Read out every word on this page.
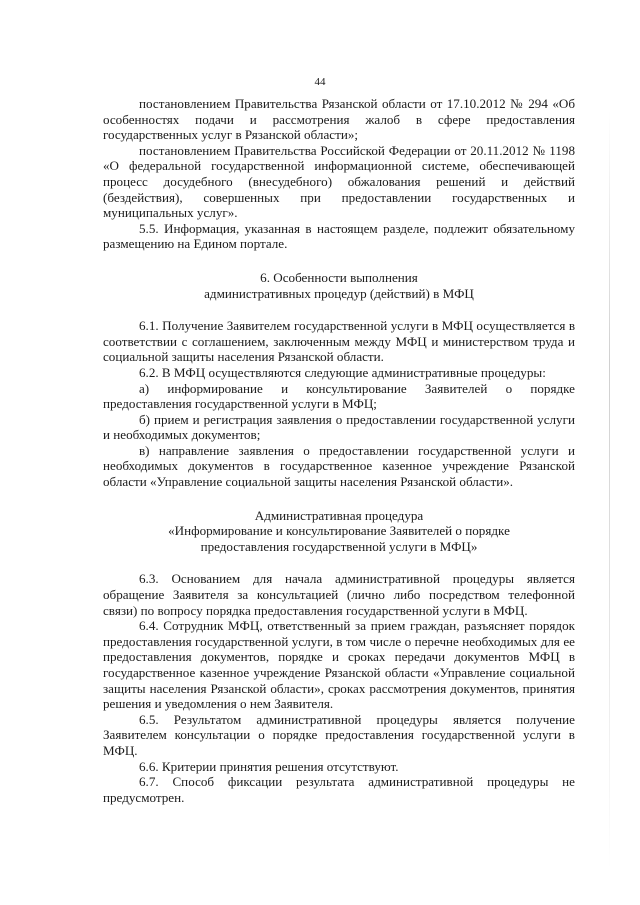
44

постановлением Правительства Рязанской области от 17.10.2012 № 294 «Об особенностях подачи и рассмотрения жалоб в сфере предоставления государственных услуг в Рязанской области»;

постановлением Правительства Российской Федерации от 20.11.2012 № 1198 «О федеральной государственной информационной системе, обеспечивающей процесс досудебного (внесудебного) обжалования решений и действий (бездействия), совершенных при предоставлении государственных и муниципальных услуг».

5.5. Информация, указанная в настоящем разделе, подлежит обязательному размещению на Едином портале.

6. Особенности выполнения

административных процедур (действий) в МФЦ

6.1. Получение Заявителем государственной услуги в МФЦ осуществляется в соответствии с соглашением, заключенным между МФЦ и министерством труда и социальной защиты населения Рязанской области.

6.2. В МФЦ осуществляются следующие административные процедуры:

а) информирование и консультирование Заявителей о порядке предоставления государственной услуги в МФЦ;

б) прием и регистрация заявления о предоставлении государственной услуги и необходимых документов;

в) направление заявления о предоставлении государственной услуги и необходимых документов в государственное казенное учреждение Рязанской области «Управление социальной защиты населения Рязанской области».

Административная процедура

«Информирование и консультирование Заявителей о порядке

предоставления государственной услуги в МФЦ»

6.3. Основанием для начала административной процедуры является обращение Заявителя за консультацией (лично либо посредством телефонной связи) по вопросу порядка предоставления государственной услуги в МФЦ.

6.4. Сотрудник МФЦ, ответственный за прием граждан, разъясняет порядок предоставления государственной услуги, в том числе о перечне необходимых для ее предоставления документов, порядке и сроках передачи документов МФЦ в государственное казенное учреждение Рязанской области «Управление социальной защиты населения Рязанской области», сроках рассмотрения документов, принятия решения и уведомления о нем Заявителя.

6.5. Результатом административной процедуры является получение Заявителем консультации о порядке предоставления государственной услуги в МФЦ.

6.6. Критерии принятия решения отсутствуют.

6.7. Способ фиксации результата административной процедуры не предусмотрен.
